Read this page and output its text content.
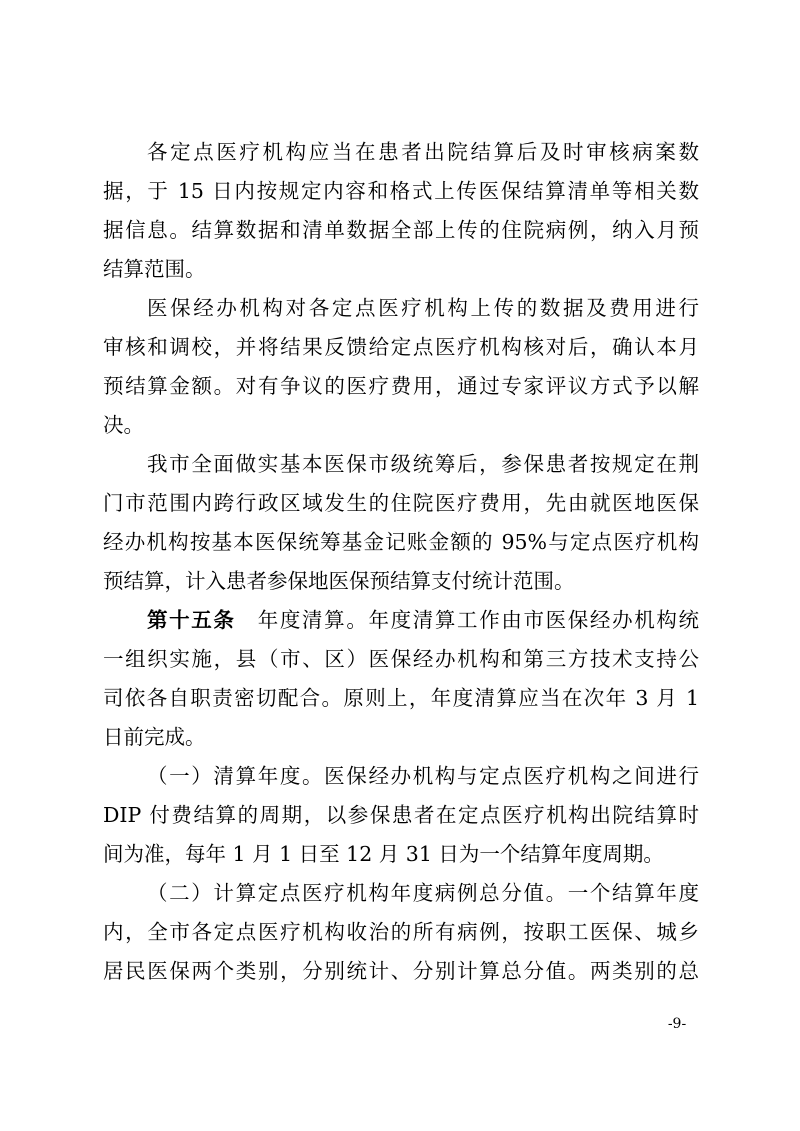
各定点医疗机构应当在患者出院结算后及时审核病案数
据，于 15 日内按规定内容和格式上传医保结算清单等相关数
据信息。结算数据和清单数据全部上传的住院病例，纳入月预
结算范围。

医保经办机构对各定点医疗机构上传的数据及费用进行
审核和调校，并将结果反馈给定点医疗机构核对后，确认本月
预结算金额。对有争议的医疗费用，通过专家评议方式予以解
决。

我市全面做实基本医保市级统筹后，参保患者按规定在荆
门市范围内跨行政区域发生的住院医疗费用，先由就医地医保
经办机构按基本医保统筹基金记账金额的 95%与定点医疗机构
预结算，计入患者参保地医保预结算支付统计范围。

第十五条  年度清算。年度清算工作由市医保经办机构统
一组织实施，县（市、区）医保经办机构和第三方技术支持公
司依各自职责密切配合。原则上，年度清算应当在次年 3 月 1
日前完成。

（一）清算年度。医保经办机构与定点医疗机构之间进行
DIP 付费结算的周期，以参保患者在定点医疗机构出院结算时
间为准，每年 1 月 1 日至 12 月 31 日为一个结算年度周期。

（二）计算定点医疗机构年度病例总分值。一个结算年度
内，全市各定点医疗机构收治的所有病例，按职工医保、城乡
居民医保两个类别，分别统计、分别计算总分值。两类别的总

-9-
